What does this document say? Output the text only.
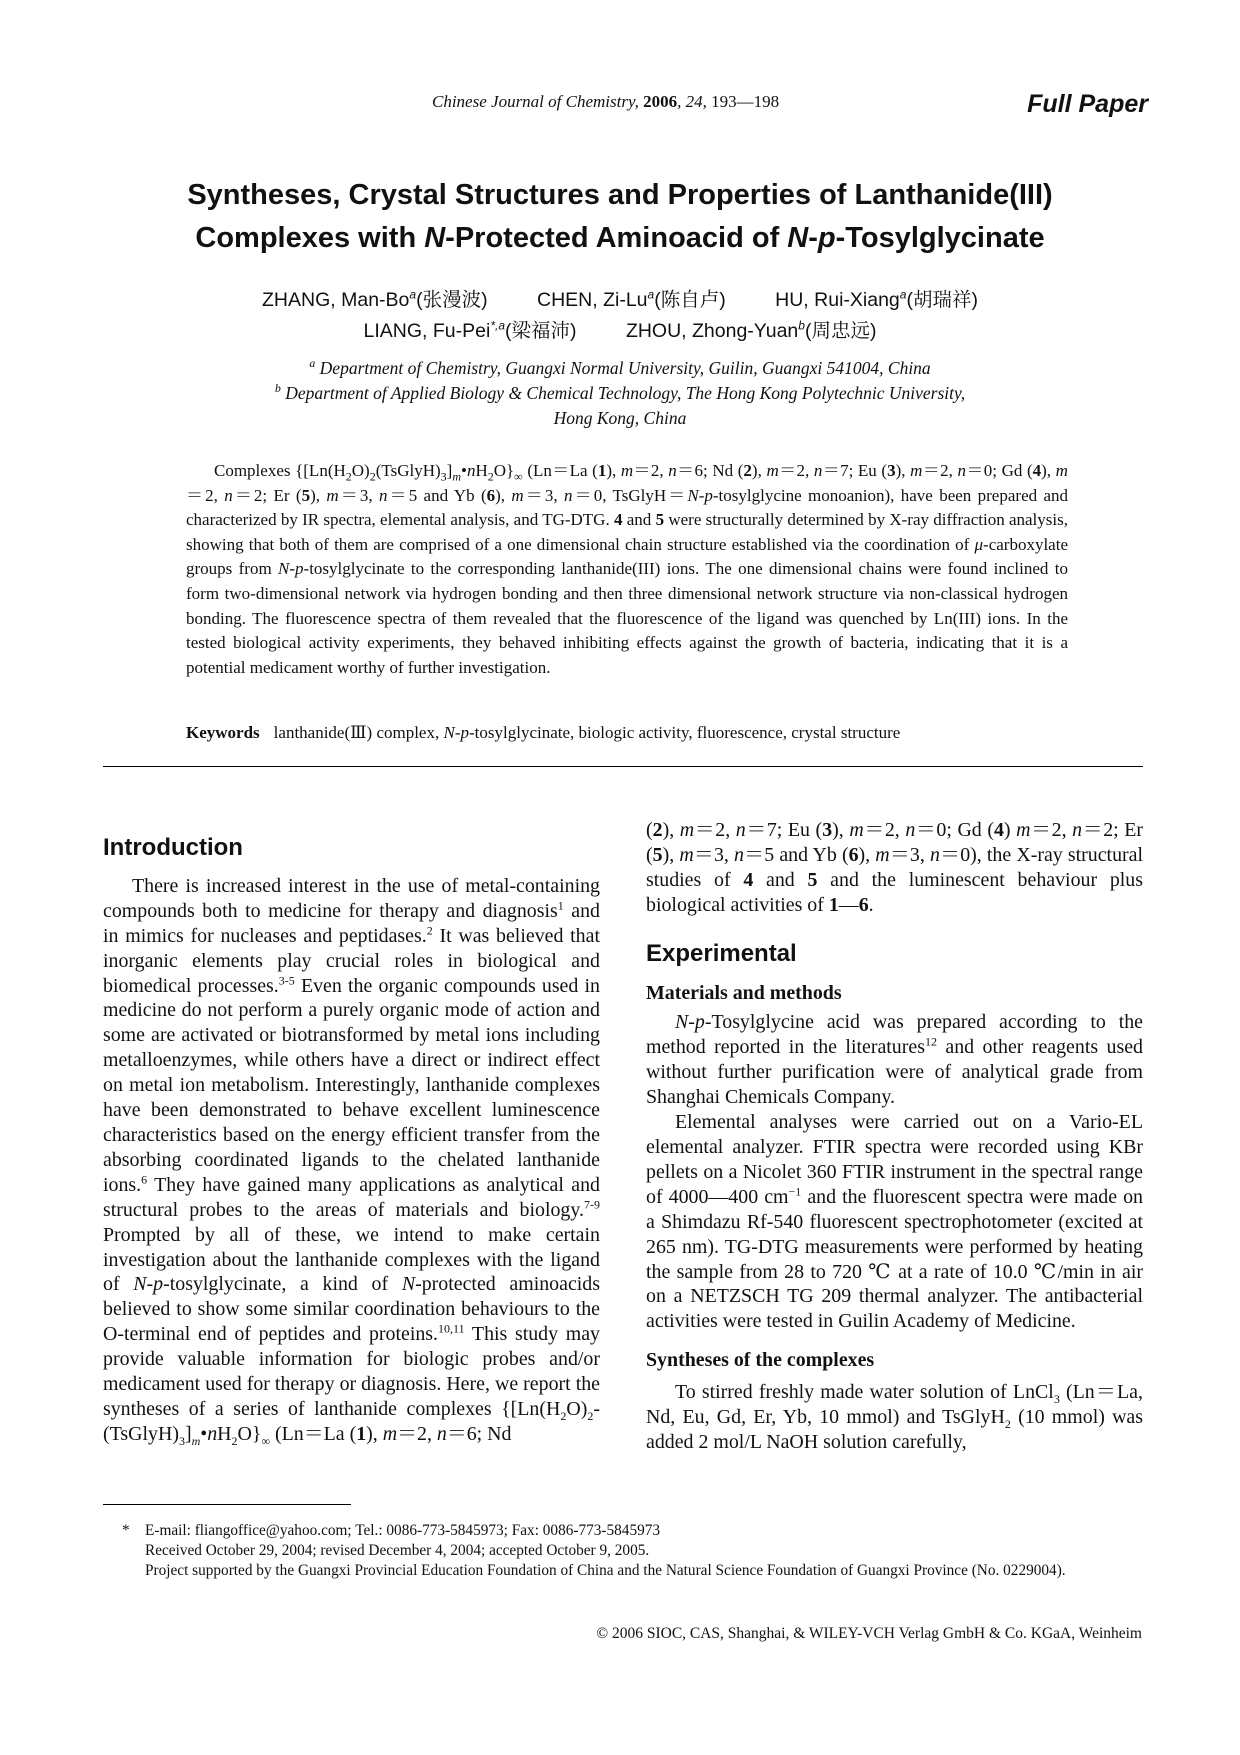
Chinese Journal of Chemistry, 2006, 24, 193—198	Full Paper
Syntheses, Crystal Structures and Properties of Lanthanide(III)
Complexes with N-Protected Aminoacid of N-p-Tosylglycinate
ZHANG, Man-Bo$^a$(张漫波)	CHEN, Zi-Lu$^a$(陈自卢)	HU, Rui-Xiang$^a$(胡瑞祥)
LIANG, Fu-Pei$^{*,a}$(梁福沛)	ZHOU, Zhong-Yuan$^b$(周忠远)
$^a$ Department of Chemistry, Guangxi Normal University, Guilin, Guangxi 541004, China
$^b$ Department of Applied Biology & Chemical Technology, The Hong Kong Polytechnic University,
Hong Kong, China
Complexes $\{[Ln(H_2O)_2(TsGlyH)_3]_m•nH_2O\}_\infty$ (Ln＝La (1), m＝2, n＝6; Nd (2), m＝2, n＝7; Eu (3), m＝2, n＝0; Gd (4), m＝2, n＝2; Er (5), m＝3, n＝5 and Yb (6), m＝3, n＝0, TsGlyH＝N-p-tosylglycine monoanion), have been prepared and characterized by IR spectra, elemental analysis, and TG-DTG. 4 and 5 were structurally determined by X-ray diffraction analysis, showing that both of them are comprised of a one dimensional chain structure established via the coordination of μ-carboxylate groups from N-p-tosylglycinate to the corresponding lanthanide(III) ions. The one dimensional chains were found inclined to form two-dimensional network via hydrogen bonding and then three dimensional network structure via non-classical hydrogen bonding. The fluorescence spectra of them revealed that the fluorescence of the ligand was quenched by Ln(III) ions. In the tested biological activity experiments, they behaved inhibiting effects against the growth of bacteria, indicating that it is a potential medicament worthy of further investigation.
Keywords lanthanide(Ⅲ) complex, N-p-tosylglycinate, biologic activity, fluorescence, crystal structure
Introduction

There is increased interest in the use of metal-containing compounds both to medicine for therapy and diagnosis$^1$ and in mimics for nucleases and peptidases.$^2$ It was believed that inorganic elements play crucial roles in biological and biomedical processes.$^{3-5}$ Even the organic compounds used in medicine do not perform a purely organic mode of action and some are activated or biotransformed by metal ions including metalloenzymes, while others have a direct or indirect effect on metal ion metabolism. Interestingly, lanthanide complexes have been demonstrated to behave excellent luminescence characteristics based on the energy efficient transfer from the absorbing coordinated ligands to the chelated lanthanide ions.$^6$ They have gained many applications as analytical and structural probes to the areas of materials and biology.$^{7-9}$ Prompted by all of these, we intend to make certain investigation about the lanthanide complexes with the ligand of N-p-tosylglycinate, a kind of N-protected aminoacids believed to show some similar coordination behaviours to the O-terminal end of peptides and proteins.$^{10,11}$ This study may provide valuable information for biologic probes and/or medicament used for therapy or diagnosis. Here, we report the syntheses of a series of lanthanide complexes $\{[Ln(H_2O)_2-(TsGlyH)_3]_m•nH_2O\}_\infty$ (Ln＝La (1), m＝2, n＝6; Nd

(2), m＝2, n＝7; Eu (3), m＝2, n＝0; Gd (4) m＝2, n＝2; Er (5), m＝3, n＝5 and Yb (6), m＝3, n＝0), the X-ray structural studies of 4 and 5 and the luminescent behaviour plus biological activities of 1—6.

Experimental
Materials and methods

N-p-Tosylglycine acid was prepared according to the method reported in the literatures$^{12}$ and other reagents used without further purification were of analytical grade from Shanghai Chemicals Company.

Elemental analyses were carried out on a Vario-EL elemental analyzer. FTIR spectra were recorded using KBr pellets on a Nicolet 360 FTIR instrument in the spectral range of 4000—400 $cm^{-1}$ and the fluorescent spectra were made on a Shimdazu Rf-540 fluorescent spectrophotometer (excited at 265 nm). TG-DTG measurements were performed by heating the sample from 28 to 720 ℃ at a rate of 10.0 ℃/min in air on a NETZSCH TG 209 thermal analyzer. The antibacterial activities were tested in Guilin Academy of Medicine.

Syntheses of the complexes

To stirred freshly made water solution of LnCl$_3$ (Ln＝La, Nd, Eu, Gd, Er, Yb, 10 mmol) and TsGlyH$_2$ (10 mmol) was added 2 mol/L NaOH solution carefully,

* E-mail: fliangoffice@yahoo.com; Tel.: 0086-773-5845973; Fax: 0086-773-5845973
Received October 29, 2004; revised December 4, 2004; accepted October 9, 2005.
Project supported by the Guangxi Provincial Education Foundation of China and the Natural Science Foundation of Guangxi Province (No. 0229004).
© 2006 SIOC, CAS, Shanghai, & WILEY-VCH Verlag GmbH & Co. KGaA, Weinheim
